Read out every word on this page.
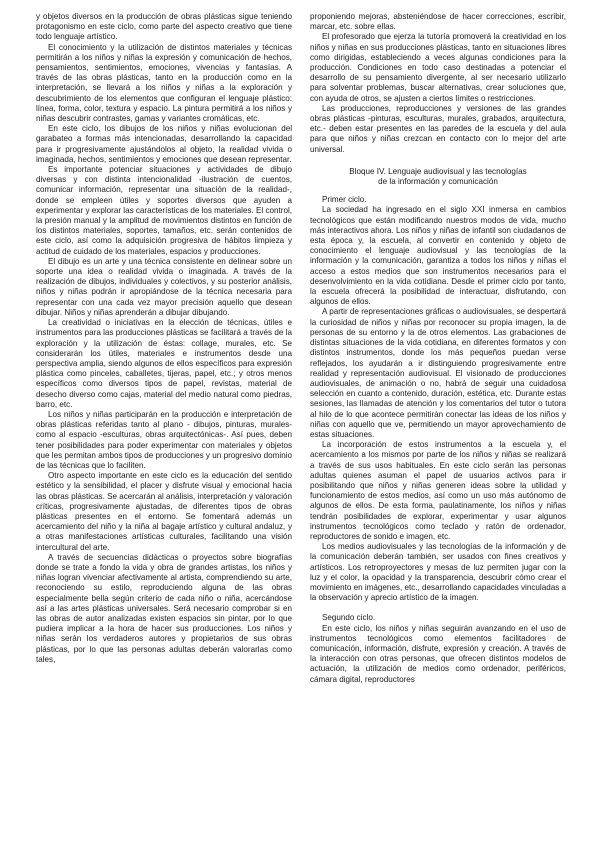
y objetos diversos en la producción de obras plásticas sigue teniendo protagonismo en este ciclo, como parte del aspecto creativo que tiene todo lenguaje artístico.

El conocimiento y la utilización de distintos materiales y técnicas permitirán a los niños y niñas la expresión y comunicación de hechos, pensamientos, sentimientos, emociones, vivencias y fantasías. A través de las obras plásticas, tanto en la producción como en la interpretación, se llevará a los niños y niñas a la exploración y descubrimiento de los elementos que configuran el lenguaje plástico: línea, forma, color, textura y espacio. La pintura permitirá a los niños y niñas descubrir contrastes, gamas y variantes cromáticas, etc.

En este ciclo, los dibujos de los niños y niñas evolucionan del garabateo a formas más intencionadas, desarrollando la capacidad para ir progresivamente ajustándolos al objeto, la realidad vivida o imaginada, hechos, sentimientos y emociones que desean representar.

Es importante potenciar situaciones y actividades de dibujo diversas y con distinta intencionalidad -ilustración de cuentos, comunicar información, representar una situación de la realidad-, donde se empleen útiles y soportes diversos que ayuden a experimentar y explorar las características de los materiales. El control, la presión manual y la amplitud de movimientos distintos en función de los distintos materiales, soportes, tamaños, etc. serán contenidos de este ciclo, así como la adquisición progresiva de hábitos limpieza y actitud de cuidado de los materiales, espacios y producciones.

El dibujo es un arte y una técnica consistente en delinear sobre un soporte una idea o realidad vivida o imaginada. A través de la realización de dibujos, individuales y colectivos, y su posterior análisis, niños y niñas podrán ir apropiándose de la técnica necesaria para representar con una cada vez mayor precisión aquello que desean dibujar. Niños y niñas aprenderán a dibujar dibujando.

La creatividad o iniciativas en la elección de técnicas, útiles e instrumentos para las producciones plásticas se facilitará a través de la exploración y la utilización de éstas: collage, murales, etc. Se considerarán los útiles, materiales e instrumentos desde una perspectiva amplia, siendo algunos de ellos específicos para expresión plástica como pinceles, caballetes, tijeras, papel, etc.; y otros menos específicos como diversos tipos de papel, revistas, material de desecho diverso como cajas, material del medio natural como piedras, barro, etc.

Los niños y niñas participarán en la producción e interpretación de obras plásticas referidas tanto al plano - dibujos, pinturas, murales- como al espacio -esculturas, obras arquitectónicas-. Así pues, deben tener posibilidades para poder experimentar con materiales y objetos que les permitan ambos tipos de producciones y un progresivo dominio de las técnicas que lo faciliten.

Otro aspecto importante en este ciclo es la educación del sentido estético y la sensibilidad, el placer y disfrute visual y emocional hacia las obras plásticas. Se acercarán al análisis, interpretación y valoración críticas, progresivamente ajustadas, de diferentes tipos de obras plásticas presentes en el entorno. Se fomentará además un acercamiento del niño y la niña al bagaje artístico y cultural andaluz, y a otras manifestaciones artísticas culturales, facilitando una visión intercultural del arte.

A través de secuencias didácticas o proyectos sobre biografías donde se trate a fondo la vida y obra de grandes artistas, los niños y niñas logran vivenciar afectivamente al artista, comprendiendo su arte, reconociendo su estilo, reproduciendo alguna de las obras especialmente bella según criterio de cada niño o niña, acercándose así a las artes plásticas universales. Será necesario comprobar si en las obras de autor analizadas existen espacios sin pintar, por lo que pudiera implicar a la hora de hacer sus producciones. Los niños y niñas serán los verdaderos autores y propietarios de sus obras plásticas, por lo que las personas adultas deberán valorarlas como tales,

proponiendo mejoras, absteniéndose de hacer correcciones, escribir, marcar, etc. sobre ellas.

El profesorado que ejerza la tutoría promoverá la creatividad en los niños y niñas en sus producciones plásticas, tanto en situaciones libres como dirigidas, estableciendo a veces algunas condiciones para la producción. Condiciones en todo caso destinadas a potenciar el desarrollo de su pensamiento divergente, al ser necesario utilizarlo para solventar problemas, buscar alternativas, crear soluciones que, con ayuda de otros, se ajusten a ciertos límites o restricciones.

Las producciones, reproducciones y versiones de las grandes obras plásticas -pinturas, esculturas, murales, grabados, arquitectura, etc.- deben estar presentes en las paredes de la escuela y del aula para que niños y niñas crezcan en contacto con lo mejor del arte universal.

Bloque IV. Lenguaje audiovisual y las tecnologías
de la información y comunicación

Primer ciclo.

La sociedad ha ingresado en el siglo XXI inmersa en cambios tecnológicos que están modificando nuestros modos de vida, mucho más interactivos ahora. Los niños y niñas de infantil son ciudadanos de esta época y, la escuela, al convertir en contenido y objeto de conocimiento el lenguaje audiovisual y las tecnologías de la información y la comunicación, garantiza a todos los niños y niñas el acceso a estos medios que son instrumentos necesarios para el desenvolvimiento en la vida cotidiana. Desde el primer ciclo por tanto, la escuela ofrecerá la posibilidad de interactuar, disfrutando, con algunos de ellos.

A partir de representaciones gráficas o audiovisuales, se despertará la curiosidad de niños y niñas por reconocer su propia imagen, la de personas de su entorno y la de otros elementos. Las grabaciones de distintas situaciones de la vida cotidiana, en diferentes formatos y con distintos instrumentos, donde los más pequeños puedan verse reflejados, los ayudarán a ir distinguiendo progresivamente entre realidad y representación audiovisual. El visionado de producciones audiovisuales, de animación o no, habrá de seguir una cuidadosa selección en cuanto a contenido, duración, estética, etc. Durante estas sesiones, las llamadas de atención y los comentarios del tutor o tutora al hilo de lo que acontece permitirán conectar las ideas de los niños y niñas con aquello que ve, permitiendo un mayor aprovechamiento de estas situaciones.

La incorporación de estos instrumentos a la escuela y, el acercamiento a los mismos por parte de los niños y niñas se realizará a través de sus usos habituales. En este ciclo serán las personas adultas quienes asuman el papel de usuarios activos para ir posibilitando que niños y niñas generen ideas sobre la utilidad y funcionamiento de estos medios, así como un uso más autónomo de algunos de ellos. De esta forma, paulatinamente, los niños y niñas tendrán posibilidades de explorar, experimentar y usar algunos instrumentos tecnológicos como teclado y ratón de ordenador, reproductores de sonido e imagen, etc.

Los medios audiovisuales y las tecnologías de la información y de la comunicación deberán también, ser usados con fines creativos y artísticos. Los retroproyectores y mesas de luz permiten jugar con la luz y el color, la opacidad y la transparencia, descubrir cómo crear el movimiento en imágenes, etc., desarrollando capacidades vinculadas a la observación y aprecio artístico de la imagen.

Segundo ciclo.

En este ciclo, los niños y niñas seguirán avanzando en el uso de instrumentos tecnológicos como elementos facilitadores de comunicación, información, disfrute, expresión y creación. A través de la interacción con otras personas, que ofrecen distintos modelos de actuación, la utilización de medios como ordenador, periféricos, cámara digital, reproductores
